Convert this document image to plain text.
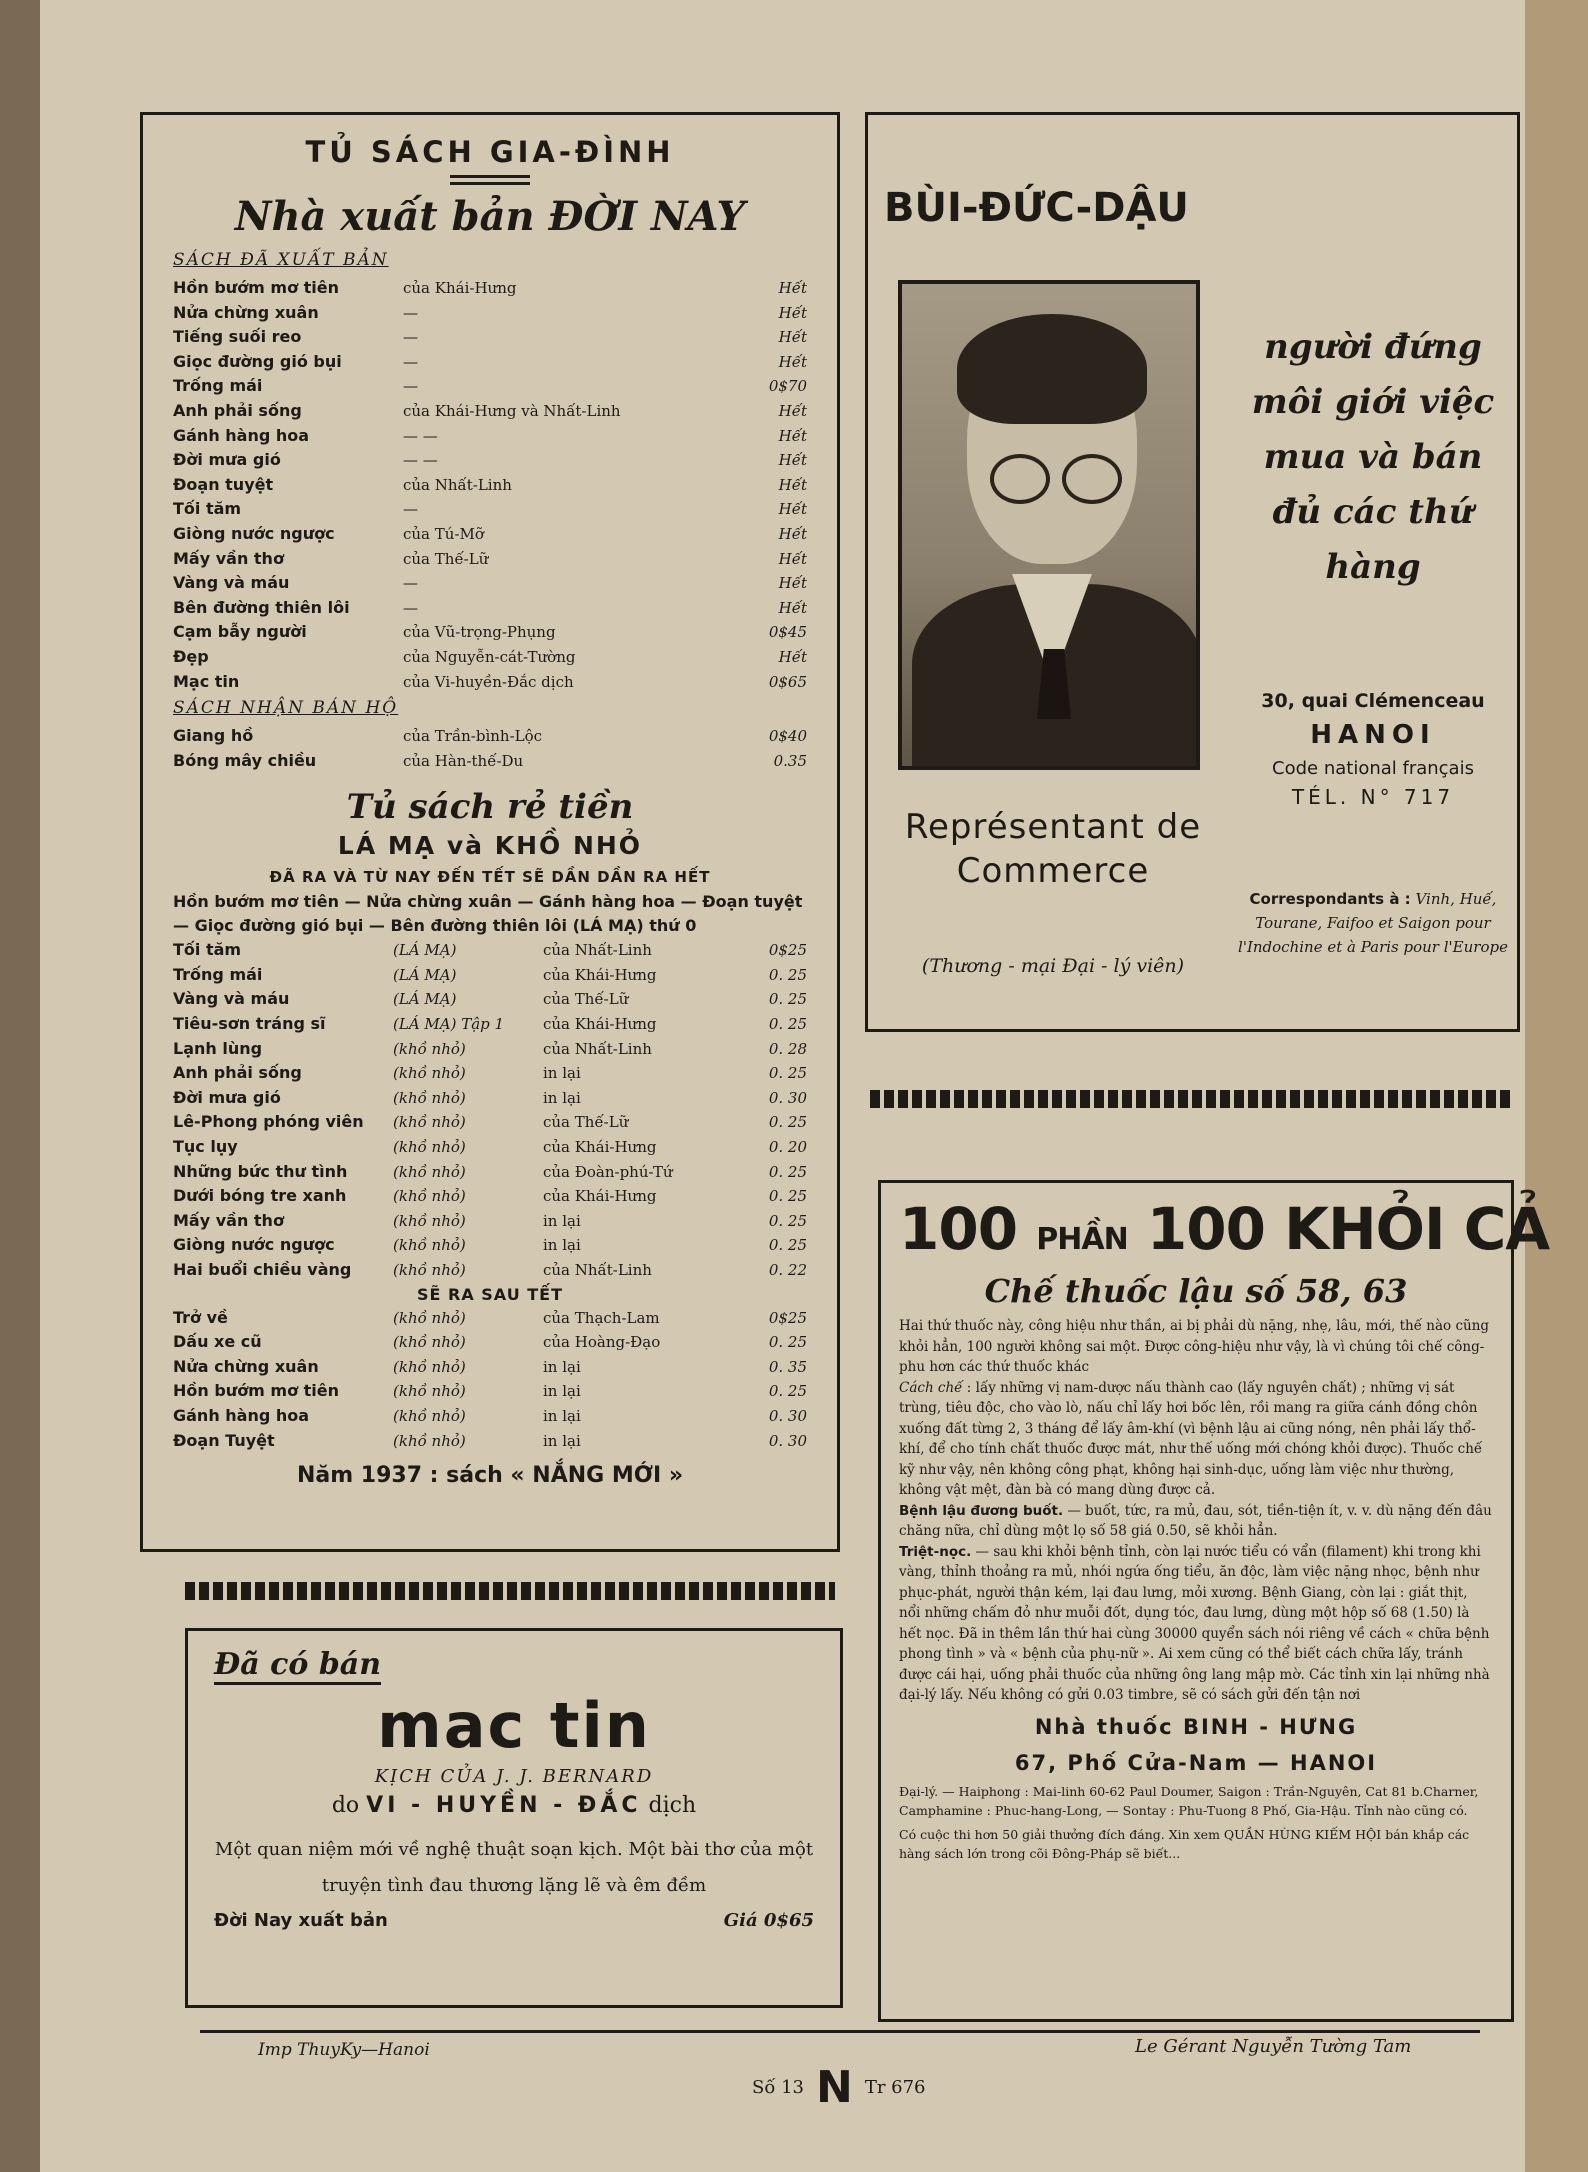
TỦ SÁCH GIA-ĐÌNH
Nhà xuất bản ĐỜI NAY
SÁCH ĐÃ XUẤT BẢN
Hồn bướm mơ tiên	của Khái-Hưng	Hết
Nửa chừng xuân	—	Hết
Tiếng suối reo	—	Hết
Giọc đường gió bụi	—	Hết
Trống mái	—	0$70
Anh phải sống	của Khái-Hưng và Nhất-Linh	Hết
Gánh hàng hoa	— —	Hết
Đời mưa gió	— —	Hết
Đoạn tuyệt	của Nhất-Linh	Hết
Tối tăm	—	Hết
Giòng nước ngược	của Tú-Mỡ	Hết
Mấy vần thơ	của Thế-Lữ	Hết
Vàng và máu	—	Hết
Bên đường thiên lôi	—	Hết
Cạm bẫy người	của Vũ-trọng-Phụng	0$45
Đẹp	của Nguyễn-cát-Tường	Hết
Mạc tin	của Vi-huyền-Đắc dịch	0$65
SÁCH NHẬN BÁN HỘ
Giang hồ	của Trần-bình-Lộc	0$40
Bóng mây chiều	của Hàn-thế-Du	0.35
Tủ sách rẻ tiền
LÁ MẠ và KHỒ NHỎ
ĐÃ RA VÀ TỪ NAY ĐẾN TẾT SẼ DẦN DẦN RA HẾT
Hồn bướm mơ tiên — Nửa chừng xuân — Gánh hàng hoa — Đoạn tuyệt — Giọc đường gió bụi — Bên đường thiên lôi (LÁ MẠ) thứ 0
Tối tăm	(LÁ MẠ)	của Nhất-Linh	0$25
Trống mái	(LÁ MẠ)	của Khái-Hưng	0. 25
Vàng và máu	(LÁ MẠ)	của Thế-Lữ	0. 25
Tiêu-sơn tráng sĩ	(LÁ MẠ) Tập 1	của Khái-Hưng	0. 25
Lạnh lùng	(khồ nhỏ)	của Nhất-Linh	0. 28
Anh phải sống	(khồ nhỏ)	in lại	0. 25
Đời mưa gió	(khồ nhỏ)	in lại	0. 30
Lê-Phong phóng viên	(khồ nhỏ)	của Thế-Lữ	0. 25
Tục lụy	(khồ nhỏ)	của Khái-Hưng	0. 20
Những bức thư tình	(khồ nhỏ)	của Đoàn-phú-Tứ	0. 25
Dưới bóng tre xanh	(khồ nhỏ)	của Khái-Hưng	0. 25
Mấy vần thơ	(khồ nhỏ)	in lại	0. 25
Giòng nước ngược	(khồ nhỏ)	in lại	0. 25
Hai buổi chiều vàng	(khồ nhỏ)	của Nhất-Linh	0. 22
SẼ RA SAU TẾT
Trở về	(khồ nhỏ)	của Thạch-Lam	0$25
Dấu xe cũ	(khồ nhỏ)	của Hoàng-Đạo	0. 25
Nửa chừng xuân	(khồ nhỏ)	in lại	0. 35
Hồn bướm mơ tiên	(khồ nhỏ)	in lại	0. 25
Gánh hàng hoa	(khồ nhỏ)	in lại	0. 30
Đoạn Tuyệt	(khồ nhỏ)	in lại	0. 30
Năm 1937 : sách « NẮNG MỚI »
BÙI-ĐỨC-DẬU
người đứng môi giới việc mua và bán đủ các thứ hàng
30, quai Clémenceau
HANOI
Code national français
TÉL. N° 717
Représentant de Commerce
(Thương - mại Đại - lý viên)
Correspondants à : Vinh, Huế, Tourane, Faifoo et Saigon pour l'Indochine et à Paris pour l'Europe
100 PHẦN 100 KHỎI CẢ
Chế thuốc lậu số 58, 63
Hai thứ thuốc này, công hiệu như thần, ai bị phải dù nặng, nhẹ, lâu, mới, thế nào cũng khỏi hẳn, 100 người không sai một. Được công-hiệu như vậy, là vì chúng tôi chế công-phu hơn các thứ thuốc khác
Cách chế : lấy những vị nam-dược nấu thành cao (lấy nguyên chất) ; những vị sát trùng, tiêu độc, cho vào lò, nấu chỉ lấy hơi bốc lên, rồi mang ra giữa cánh đồng chôn xuống đất từng 2, 3 tháng để lấy âm-khí (vì bệnh lậu ai cũng nóng, nên phải lấy thổ-khí, để cho tính chất thuốc được mát, như thế uống mới chóng khỏi được). Thuốc chế kỹ như vậy, nên không công phạt, không hại sinh-dục, uống làm việc như thường, không vật mệt, đàn bà có mang dùng được cả.
Bệnh lậu đương buốt. — buốt, tức, ra mủ, đau, sót, tiền-tiện ít, v. v. dù nặng đến đâu chăng nữa, chỉ dùng một lọ số 58 giá 0.50, sẽ khỏi hẳn.
Triệt-nọc. — sau khi khỏi bệnh tỉnh, còn lại nước tiểu có vẩn (filament) khi trong khi vàng, thỉnh thoảng ra mủ, nhói ngứa ống tiểu, ăn độc, làm việc nặng nhọc, bệnh như phục-phát, người thận kém, lại đau lưng, mỏi xương. Bệnh Giang, còn lại : giắt thịt, nổi những chấm đỏ như muỗi đốt, dụng tóc, đau lưng, dùng một hộp số 68 (1.50) là hết nọc. Đã in thêm lần thứ hai cùng 30000 quyển sách nói riêng về cách « chữa bệnh phong tình » và « bệnh của phụ-nữ ». Ai xem cũng có thể biết cách chữa lấy, tránh được cái hại, uống phải thuốc của những ông lang mập mờ. Các tỉnh xin lại những nhà đại-lý lấy. Nếu không có gửi 0.03 timbre, sẽ có sách gửi đến tận nơi
Nhà thuốc BINH - HƯNG
67, Phố Cửa-Nam — HANOI
Đại-lý. — Haiphong : Mai-linh 60-62 Paul Doumer, Saigon : Trần-Nguyên, Cat 81 b.Charner, Camphamine : Phuc-hang-Long, — Sontay : Phu-Tuong 8 Phố, Gia-Hậu. Tỉnh nào cũng có.
Có cuộc thi hơn 50 giải thưởng đích đáng. Xin xem QUẦN HÙNG KIẾM HỘI bán khắp các hàng sách lớn trong cõi Đông-Pháp sẽ biết...
Đã có bán
mac tin
KỊCH CỦA J. J. BERNARD
do VI - HUYỀN - ĐẮC dịch
Một quan niệm mới về nghệ thuật soạn kịch. Một bài thơ của một truyện tình đau thương lặng lẽ và êm đềm
Đời Nay xuất bản	Giá 0$65
Imp ThuyKy—Hanoi	Le Gérant Nguyễn Tường Tam
Số 13 N Tr 676
